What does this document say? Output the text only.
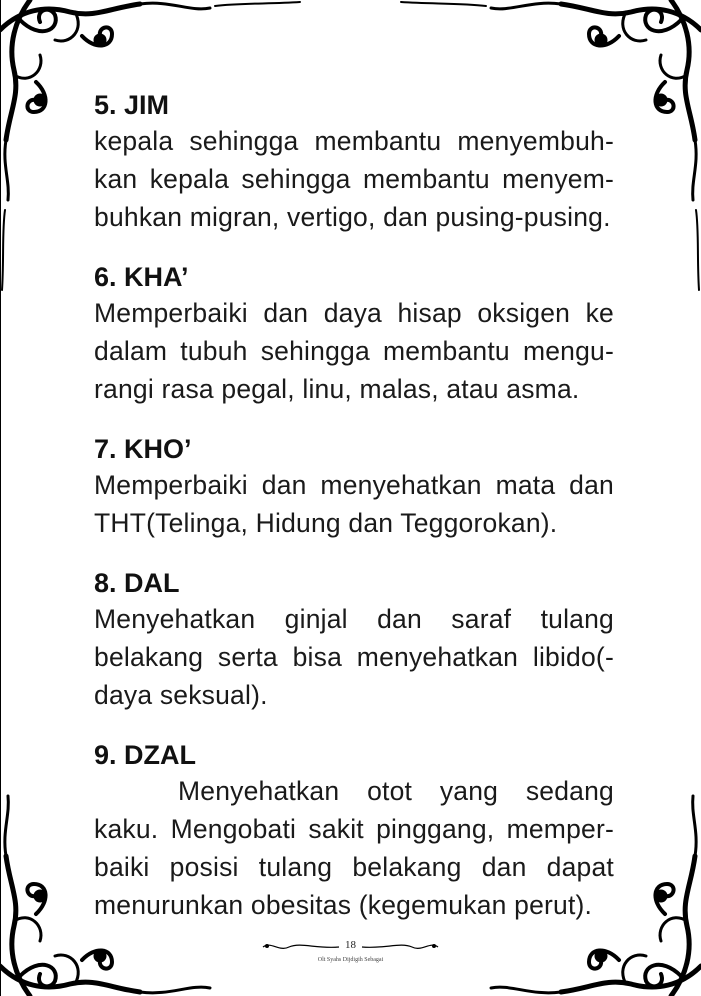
5. JIM
kepala sehingga membantu menyembuh-kan kepala sehingga membantu menyem-buhkan migran, vertigo, dan pusing-pusing.
6. KHA’
Memperbaiki dan daya hisap oksigen ke dalam tubuh sehingga membantu mengu-rangi rasa pegal, linu, malas, atau asma.
7. KHO’
Memperbaiki dan menyehatkan mata dan THT(Telinga, Hidung dan Teggorokan).
8. DAL
Menyehatkan ginjal dan saraf tulang belakang serta bisa menyehatkan libido(-daya seksual).
9. DZAL
Menyehatkan otot yang sedang kaku. Mengobati sakit pinggang, memper-baiki posisi tulang belakang dan dapat menurunkan obesitas (kegemukan perut).
18
Olt Syahs Dijdigih Sebagai
